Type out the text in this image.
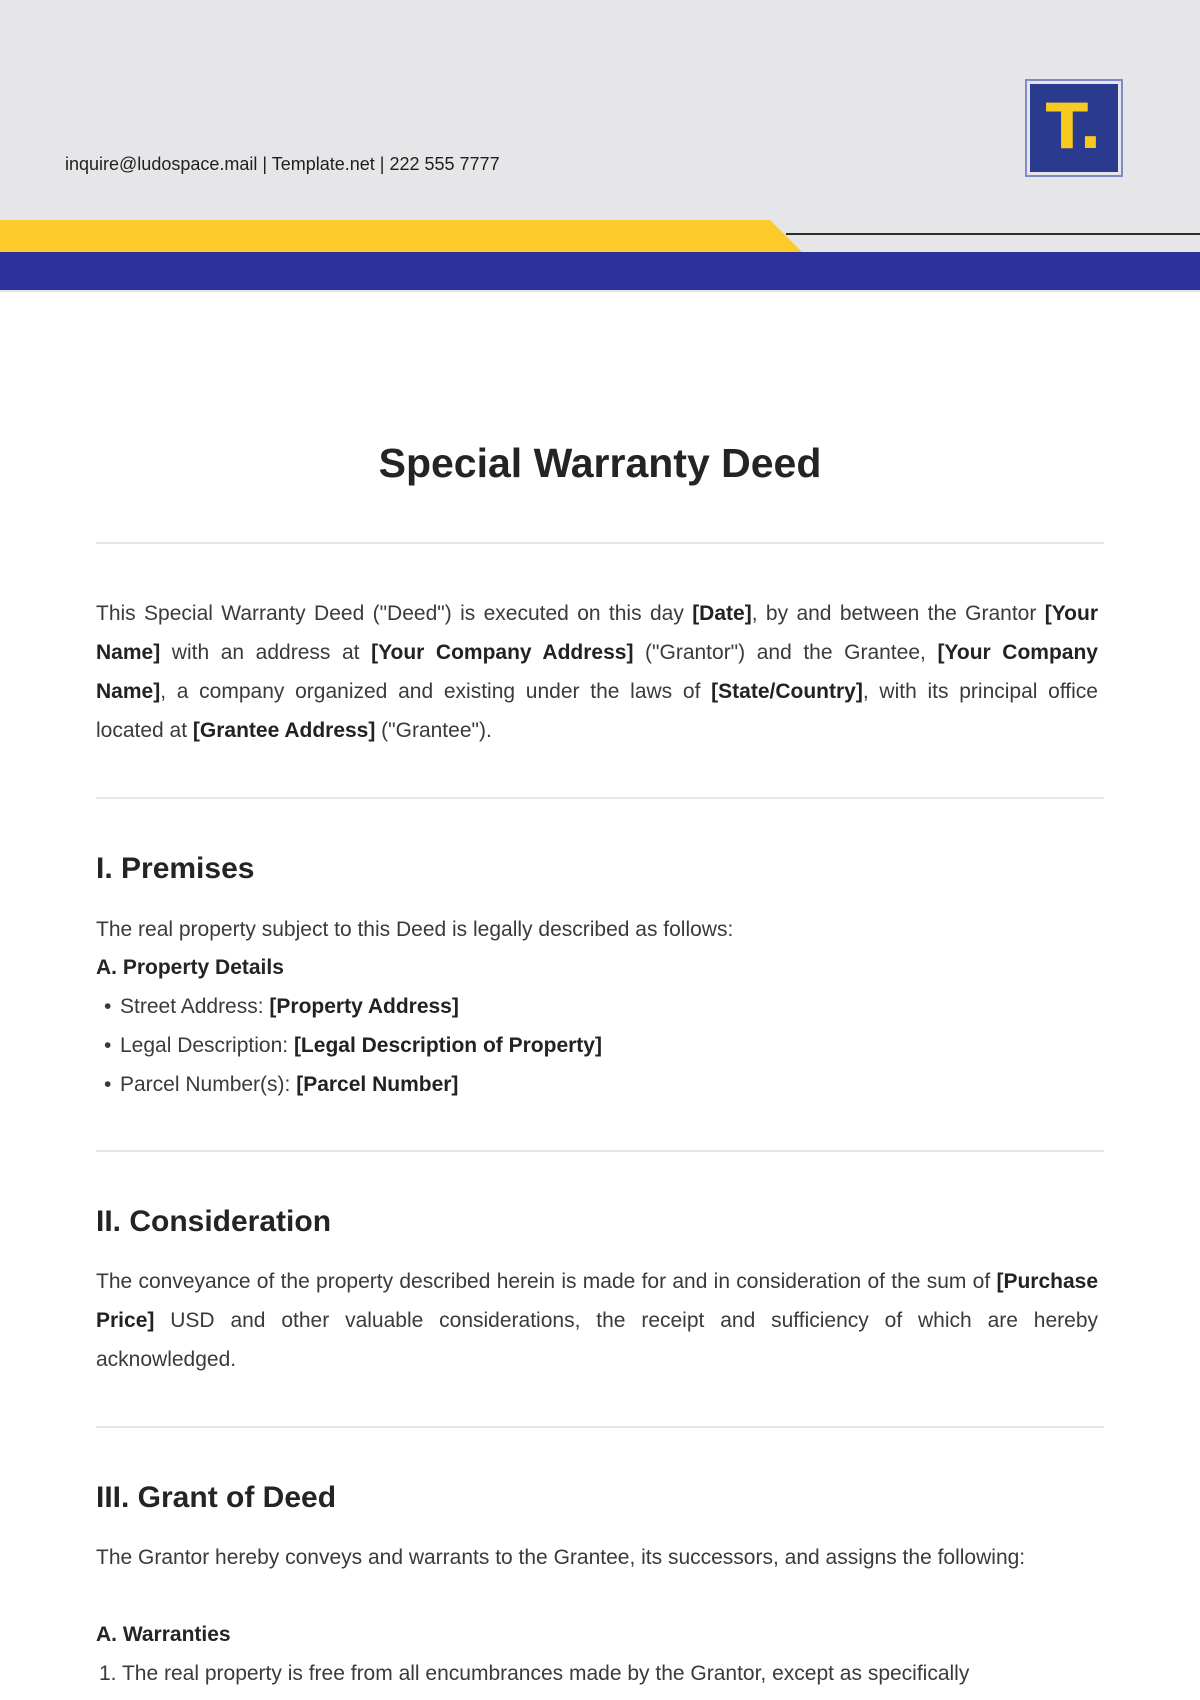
inquire@ludospace.mail | Template.net | 222 555 7777
T.
Special Warranty Deed

This Special Warranty Deed ("Deed") is executed on this day [Date], by and between the Grantor [Your Name] with an address at [Your Company Address] ("Grantor") and the Grantee, [Your Company Name], a company organized and existing under the laws of [State/Country], with its principal office located at [Grantee Address] ("Grantee").

I. Premises

The real property subject to this Deed is legally described as follows:

A. Property Details
• Street Address: [Property Address]
• Legal Description: [Legal Description of Property]
• Parcel Number(s): [Parcel Number]
II. Consideration

The conveyance of the property described herein is made for and in consideration of the sum of [Purchase Price] USD and other valuable considerations, the receipt and sufficiency of which are hereby acknowledged.

III. Grant of Deed

The Grantor hereby conveys and warrants to the Grantee, its successors, and assigns the following:

A. Warranties
1. The real property is free from all encumbrances made by the Grantor, except as specifically
